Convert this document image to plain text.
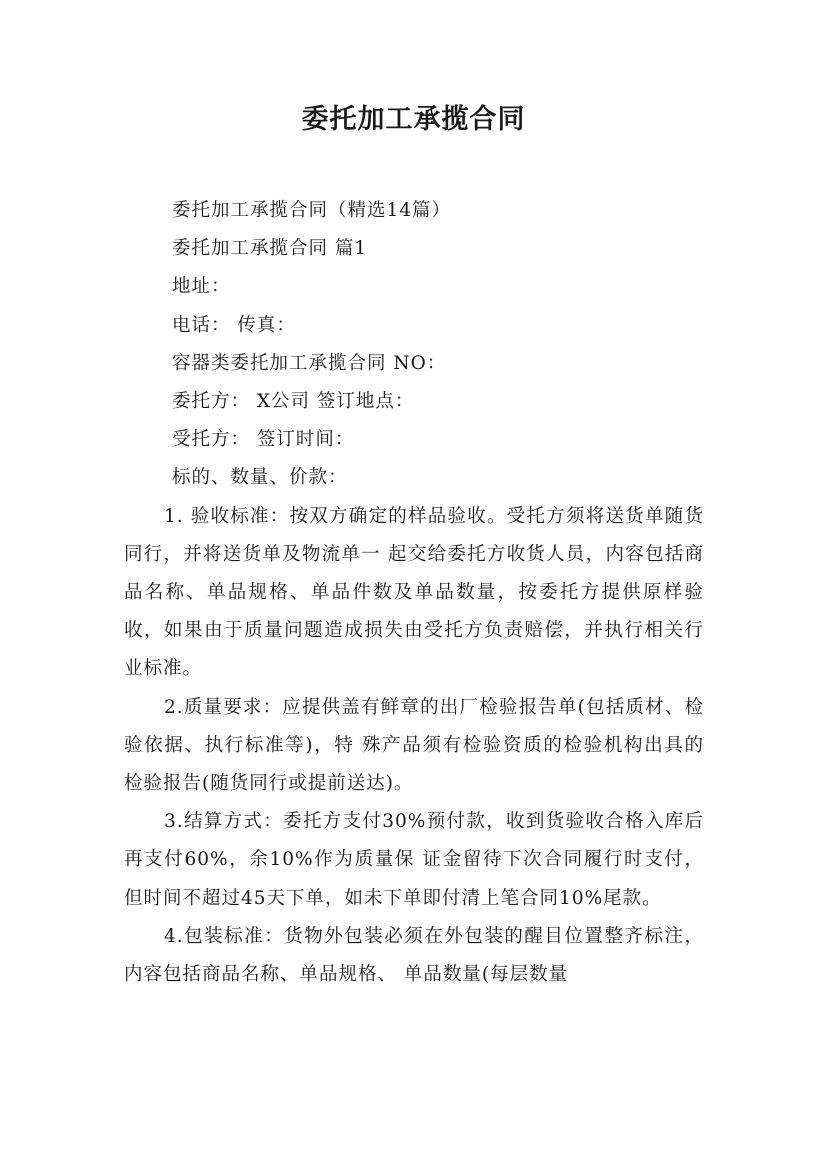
委托加工承揽合同
委托加工承揽合同（精选14篇）
委托加工承揽合同 篇1
地址：
电话： 传真：
容器类委托加工承揽合同 NO：
委托方： X公司 签订地点：
受托方： 签订时间：
标的、数量、价款：
1. 验收标准：按双方确定的样品验收。受托方须将送货单随货同行，并将送货单及物流单一 起交给委托方收货人员，内容包括商品名称、单品规格、单品件数及单品数量，按委托方提供原样验收，如果由于质量问题造成损失由受托方负责赔偿，并执行相关行业标准。
2.质量要求：应提供盖有鲜章的出厂检验报告单(包括质材、检验依据、执行标准等)，特 殊产品须有检验资质的检验机构出具的检验报告(随货同行或提前送达)。
3.结算方式：委托方支付30%预付款，收到货验收合格入库后再支付60%，余10%作为质量保 证金留待下次合同履行时支付，但时间不超过45天下单，如未下单即付清上笔合同10%尾款。
4.包装标准：货物外包装必须在外包装的醒目位置整齐标注，内容包括商品名称、单品规格、 单品数量(每层数量
